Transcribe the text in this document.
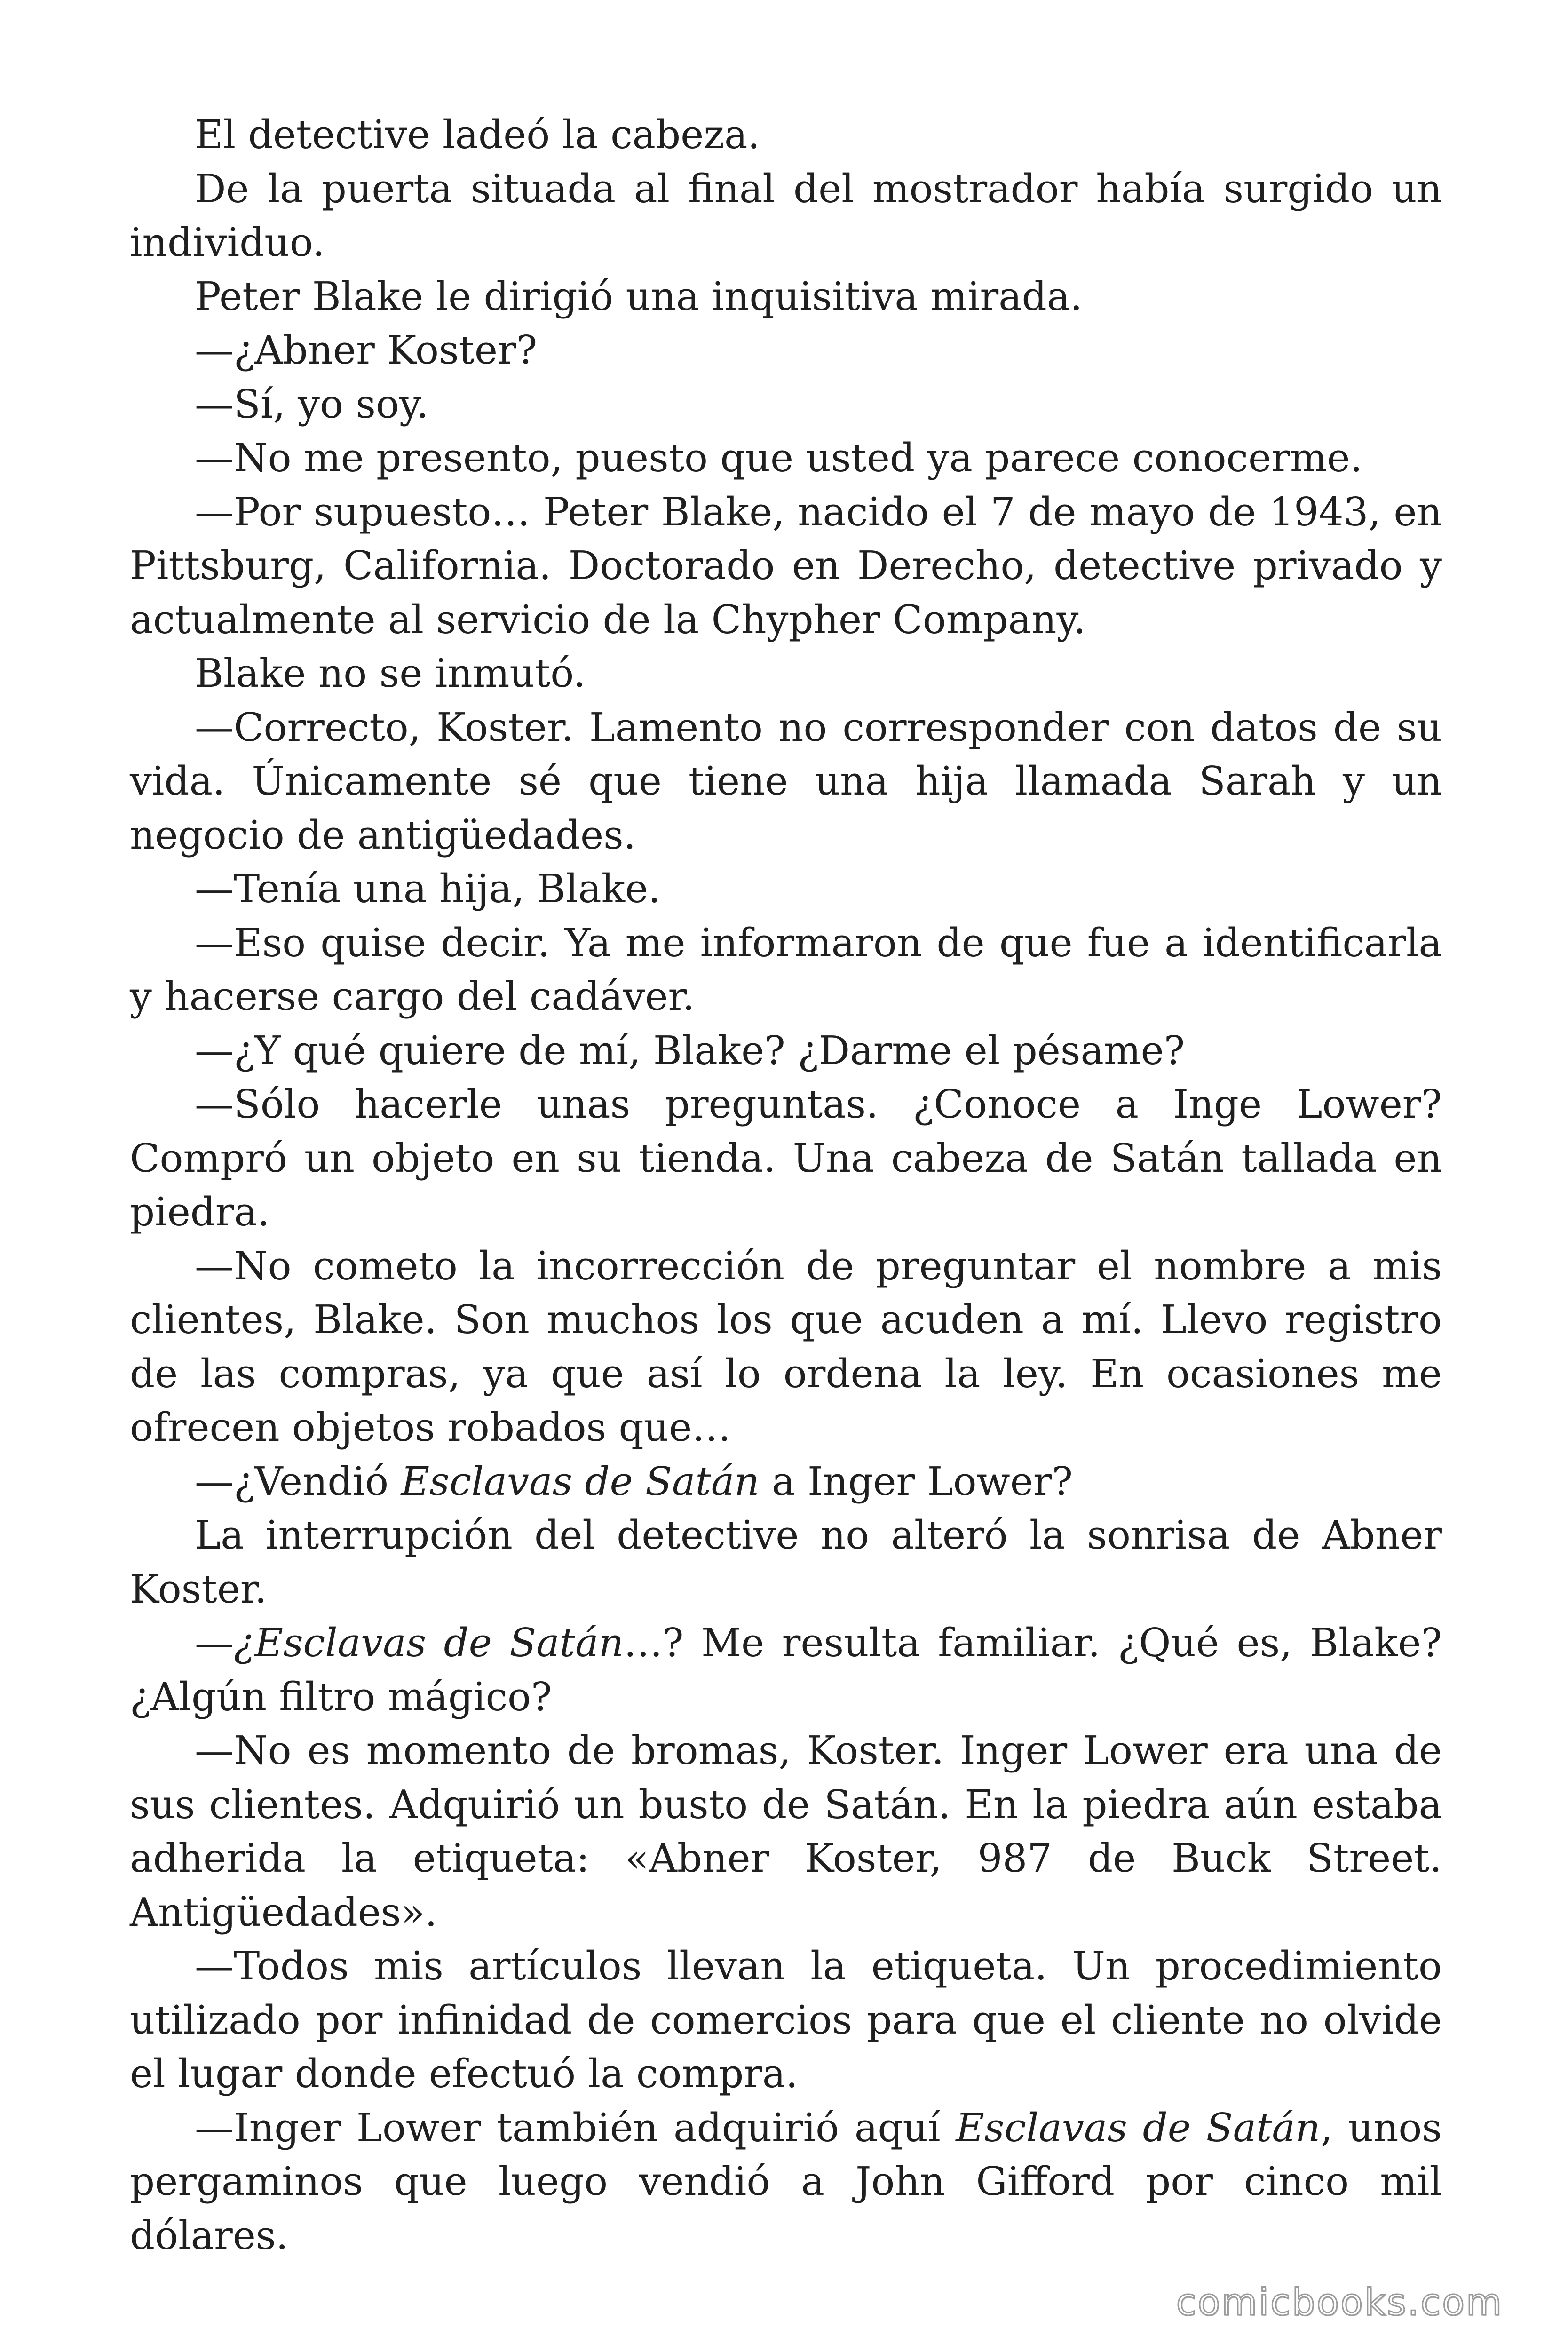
El detective ladeó la cabeza.

De la puerta situada al final del mostrador había surgido un individuo.

Peter Blake le dirigió una inquisitiva mirada.

—¿Abner Koster?

—Sí, yo soy.

—No me presento, puesto que usted ya parece conocerme.

—Por supuesto… Peter Blake, nacido el 7 de mayo de 1943, en Pittsburg, California. Doctorado en Derecho, detective privado y actualmente al servicio de la Chypher Company.

Blake no se inmutó.

—Correcto, Koster. Lamento no corresponder con datos de su vida. Únicamente sé que tiene una hija llamada Sarah y un negocio de antigüedades.

—Tenía una hija, Blake.

—Eso quise decir. Ya me informaron de que fue a identificarla y hacerse cargo del cadáver.

—¿Y qué quiere de mí, Blake? ¿Darme el pésame?

—Sólo hacerle unas preguntas. ¿Conoce a Inge Lower? Compró un objeto en su tienda. Una cabeza de Satán tallada en piedra.

—No cometo la incorrección de preguntar el nombre a mis clientes, Blake. Son muchos los que acuden a mí. Llevo registro de las compras, ya que así lo ordena la ley. En ocasiones me ofrecen objetos robados que…

—¿Vendió Esclavas de Satán a Inger Lower?

La interrupción del detective no alteró la sonrisa de Abner Koster.

—¿Esclavas de Satán…? Me resulta familiar. ¿Qué es, Blake? ¿Algún filtro mágico?

—No es momento de bromas, Koster. Inger Lower era una de sus clientes. Adquirió un busto de Satán. En la piedra aún estaba adherida la etiqueta: «Abner Koster, 987 de Buck Street. Antigüedades».

—Todos mis artículos llevan la etiqueta. Un procedimiento utilizado por infinidad de comercios para que el cliente no olvide el lugar donde efectuó la compra.

—Inger Lower también adquirió aquí Esclavas de Satán, unos pergaminos que luego vendió a John Gifford por cinco mil dólares.

comicbooks.com
